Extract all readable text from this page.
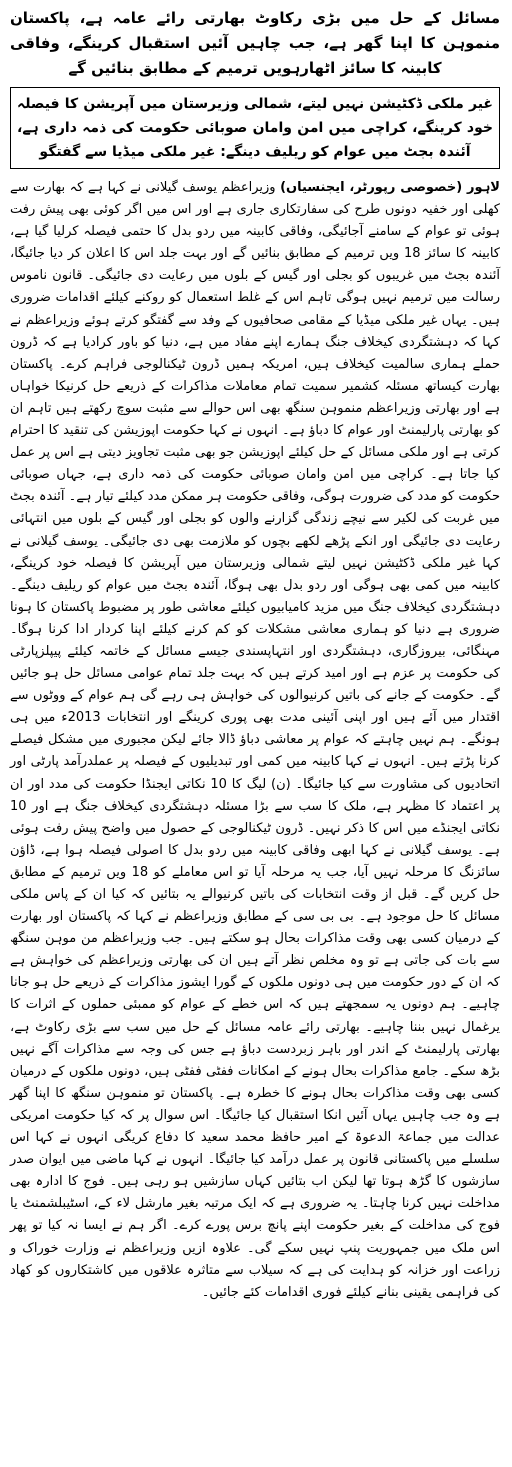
مسائل کے حل میں بڑی رکاوٹ بھارتی رائے عامہ ہے، پاکستان منموہن کا اپنا گھر ہے، جب چاہیں آئیں استقبال کرینگے، وفاقی کابینہ کا سائز اٹھارہویں ترمیم کے مطابق بنائیں گے
غیر ملکی ڈکٹیشن نہیں لیتے، شمالی وزیرستان میں آپریشن کا فیصلہ خود کرینگے، کراچی میں امن وامان صوبائی حکومت کی ذمہ داری ہے، آئندہ بجٹ میں عوام کو ریلیف دینگے: غیر ملکی میڈیا سے گفتگو
لاہور (خصوصی رپورٹر، ایجنسیاں) وزیراعظم یوسف گیلانی نے کہا ہے کہ بھارت سے کھلی اور خفیہ دونوں طرح کی سفارتکاری جاری ہے اور اس میں اگر کوئی بھی پیش رفت ہوئی تو عوام کے سامنے آجائیگی، وفاقی کابینہ میں ردو بدل کا حتمی فیصلہ کرلیا گیا ہے، کابینہ کا سائز 18 ویں ترمیم کے مطابق بنائیں گے اور بہت جلد اس کا اعلان کر دیا جائیگا، آئندہ بجٹ میں غریبوں کو بجلی اور گیس کے بلوں میں رعایت دی جائیگی۔ قانون ناموس رسالت میں ترمیم نہیں ہوگی تاہم اس کے غلط استعمال کو روکنے کیلئے اقدامات ضروری ہیں۔ یہاں غیر ملکی میڈیا کے مقامی صحافیوں کے وفد سے گفتگو کرتے ہوئے وزیراعظم نے کہا کہ دہشتگردی کیخلاف جنگ ہمارے اپنے مفاد میں ہے، دنیا کو باور کرادیا ہے کہ ڈرون حملے ہماری سالمیت کیخلاف ہیں، امریکہ ہمیں ڈرون ٹیکنالوجی فراہم کرے۔ پاکستان بھارت کیساتھ مسئلہ کشمیر سمیت تمام معاملات مذاکرات کے ذریعے حل کرنیکا خواہاں ہے اور بھارتی وزیراعظم منموہن سنگھ بھی اس حوالے سے مثبت سوچ رکھتے ہیں تاہم ان کو بھارتی پارلیمنٹ اور عوام کا دباؤ ہے۔ انہوں نے کہا حکومت اپوزیشن کی تنقید کا احترام کرتی ہے اور ملکی مسائل کے حل کیلئے اپوزیشن جو بھی مثبت تجاویز دیتی ہے اس پر عمل کیا جاتا ہے۔ کراچی میں امن وامان صوبائی حکومت کی ذمہ داری ہے، جہاں صوبائی حکومت کو مدد کی ضرورت ہوگی، وفاقی حکومت ہر ممکن مدد کیلئے تیار ہے۔ آئندہ بجٹ میں غربت کی لکیر سے نیچے زندگی گزارنے والوں کو بجلی اور گیس کے بلوں میں انتہائی رعایت دی جائیگی اور انکے پڑھے لکھے بچوں کو ملازمت بھی دی جائیگی۔ یوسف گیلانی نے کہا غیر ملکی ڈکٹیشن نہیں لیتے شمالی وزیرستان میں آپریشن کا فیصلہ خود کرینگے، کابینہ میں کمی بھی ہوگی اور ردو بدل بھی ہوگا، آئندہ بجٹ میں عوام کو ریلیف دینگے۔ دہشتگردی کیخلاف جنگ میں مزید کامیابیوں کیلئے معاشی طور پر مضبوط پاکستان کا ہونا ضروری ہے دنیا کو ہماری معاشی مشکلات کو کم کرنے کیلئے اپنا کردار ادا کرنا ہوگا۔ مہنگائی، بیروزگاری، دہشتگردی اور انتہاپسندی جیسے مسائل کے خاتمہ کیلئے پیپلزپارٹی کی حکومت پر عزم ہے اور امید کرتے ہیں کہ بہت جلد تمام عوامی مسائل حل ہو جائیں گے۔ حکومت کے جانے کی باتیں کرنیوالوں کی خواہش ہی رہے گی ہم عوام کے ووٹوں سے اقتدار میں آئے ہیں اور اپنی آئینی مدت بھی پوری کرینگے اور انتخابات 2013ء میں ہی ہونگے۔ ہم نہیں چاہتے کہ عوام پر معاشی دباؤ ڈالا جائے لیکن مجبوری میں مشکل فیصلے کرنا پڑتے ہیں۔ انہوں نے کہا کابینہ میں کمی اور تبدیلیوں کے فیصلہ پر عملدرآمد پارٹی اور اتحادیوں کی مشاورت سے کیا جائیگا۔ (ن) لیگ کا 10 نکاتی ایجنڈا حکومت کی مدد اور ان پر اعتماد کا مظہر ہے، ملک کا سب سے بڑا مسئلہ دہشتگردی کیخلاف جنگ ہے اور 10 نکاتی ایجنڈے میں اس کا ذکر نہیں۔ ڈرون ٹیکنالوجی کے حصول میں واضح پیش رفت ہوئی ہے۔ یوسف گیلانی نے کہا ابھی وفاقی کابینہ میں ردو بدل کا اصولی فیصلہ ہوا ہے، ڈاؤن سائزنگ کا مرحلہ نہیں آیا، جب یہ مرحلہ آیا تو اس معاملے کو 18 ویں ترمیم کے مطابق حل کریں گے۔ قبل از وقت انتخابات کی باتیں کرنیوالے یہ بتائیں کہ کیا ان کے پاس ملکی مسائل کا حل موجود ہے۔ بی بی سی کے مطابق وزیراعظم نے کہا کہ پاکستان اور بھارت کے درمیان کسی بھی وقت مذاکرات بحال ہو سکتے ہیں۔ جب وزیراعظم من موہن سنگھ سے بات کی جاتی ہے تو وہ مخلص نظر آتے ہیں ان کی بھارتی وزیراعظم کی خواہش ہے کہ ان کے دور حکومت میں ہی دونوں ملکوں کے گورا ایشوز مذاکرات کے ذریعے حل ہو جانا چاہیے۔ ہم دونوں یہ سمجھتے ہیں کہ اس خطے کے عوام کو ممبئی حملوں کے اثرات کا یرغمال نہیں بننا چاہیے۔ بھارتی رائے عامہ مسائل کے حل میں سب سے بڑی رکاوٹ ہے، بھارتی پارلیمنٹ کے اندر اور باہر زبردست دباؤ ہے جس کی وجہ سے مذاکرات آگے نہیں بڑھ سکے۔ جامع مذاکرات بحال ہونے کے امکانات ففٹی ففٹی ہیں، دونوں ملکوں کے درمیان کسی بھی وقت مذاکرات بحال ہونے کا خطرہ ہے۔ پاکستان تو منموہن سنگھ کا اپنا گھر ہے وہ جب چاہیں یہاں آئیں انکا استقبال کیا جائیگا۔ اس سوال پر کہ کیا حکومت امریکی عدالت میں جماعۃ الدعوۃ کے امیر حافظ محمد سعید کا دفاع کریگی انہوں نے کہا اس سلسلے میں پاکستانی قانون پر عمل درآمد کیا جائیگا۔ انہوں نے کہا ماضی میں ایوان صدر سازشوں کا گڑھ ہوتا تھا لیکن اب بتائیں کہاں سازشیں ہو رہی ہیں۔ فوج کا ادارہ بھی مداخلت نہیں کرنا چاہتا۔ یہ ضروری ہے کہ ایک مرتبہ بغیر مارشل لاء کے، اسٹیبلشمنٹ یا فوج کی مداخلت کے بغیر حکومت اپنے پانچ برس پورے کرے۔ اگر ہم نے ایسا نہ کیا تو پھر اس ملک میں جمہوریت پنپ نہیں سکے گی۔ علاوہ ازیں وزیراعظم نے وزارت خوراک و زراعت اور خزانہ کو ہدایت کی ہے کہ سیلاب سے متاثرہ علاقوں میں کاشتکاروں کو کھاد کی فراہمی یقینی بنانے کیلئے فوری اقدامات کئے جائیں۔
